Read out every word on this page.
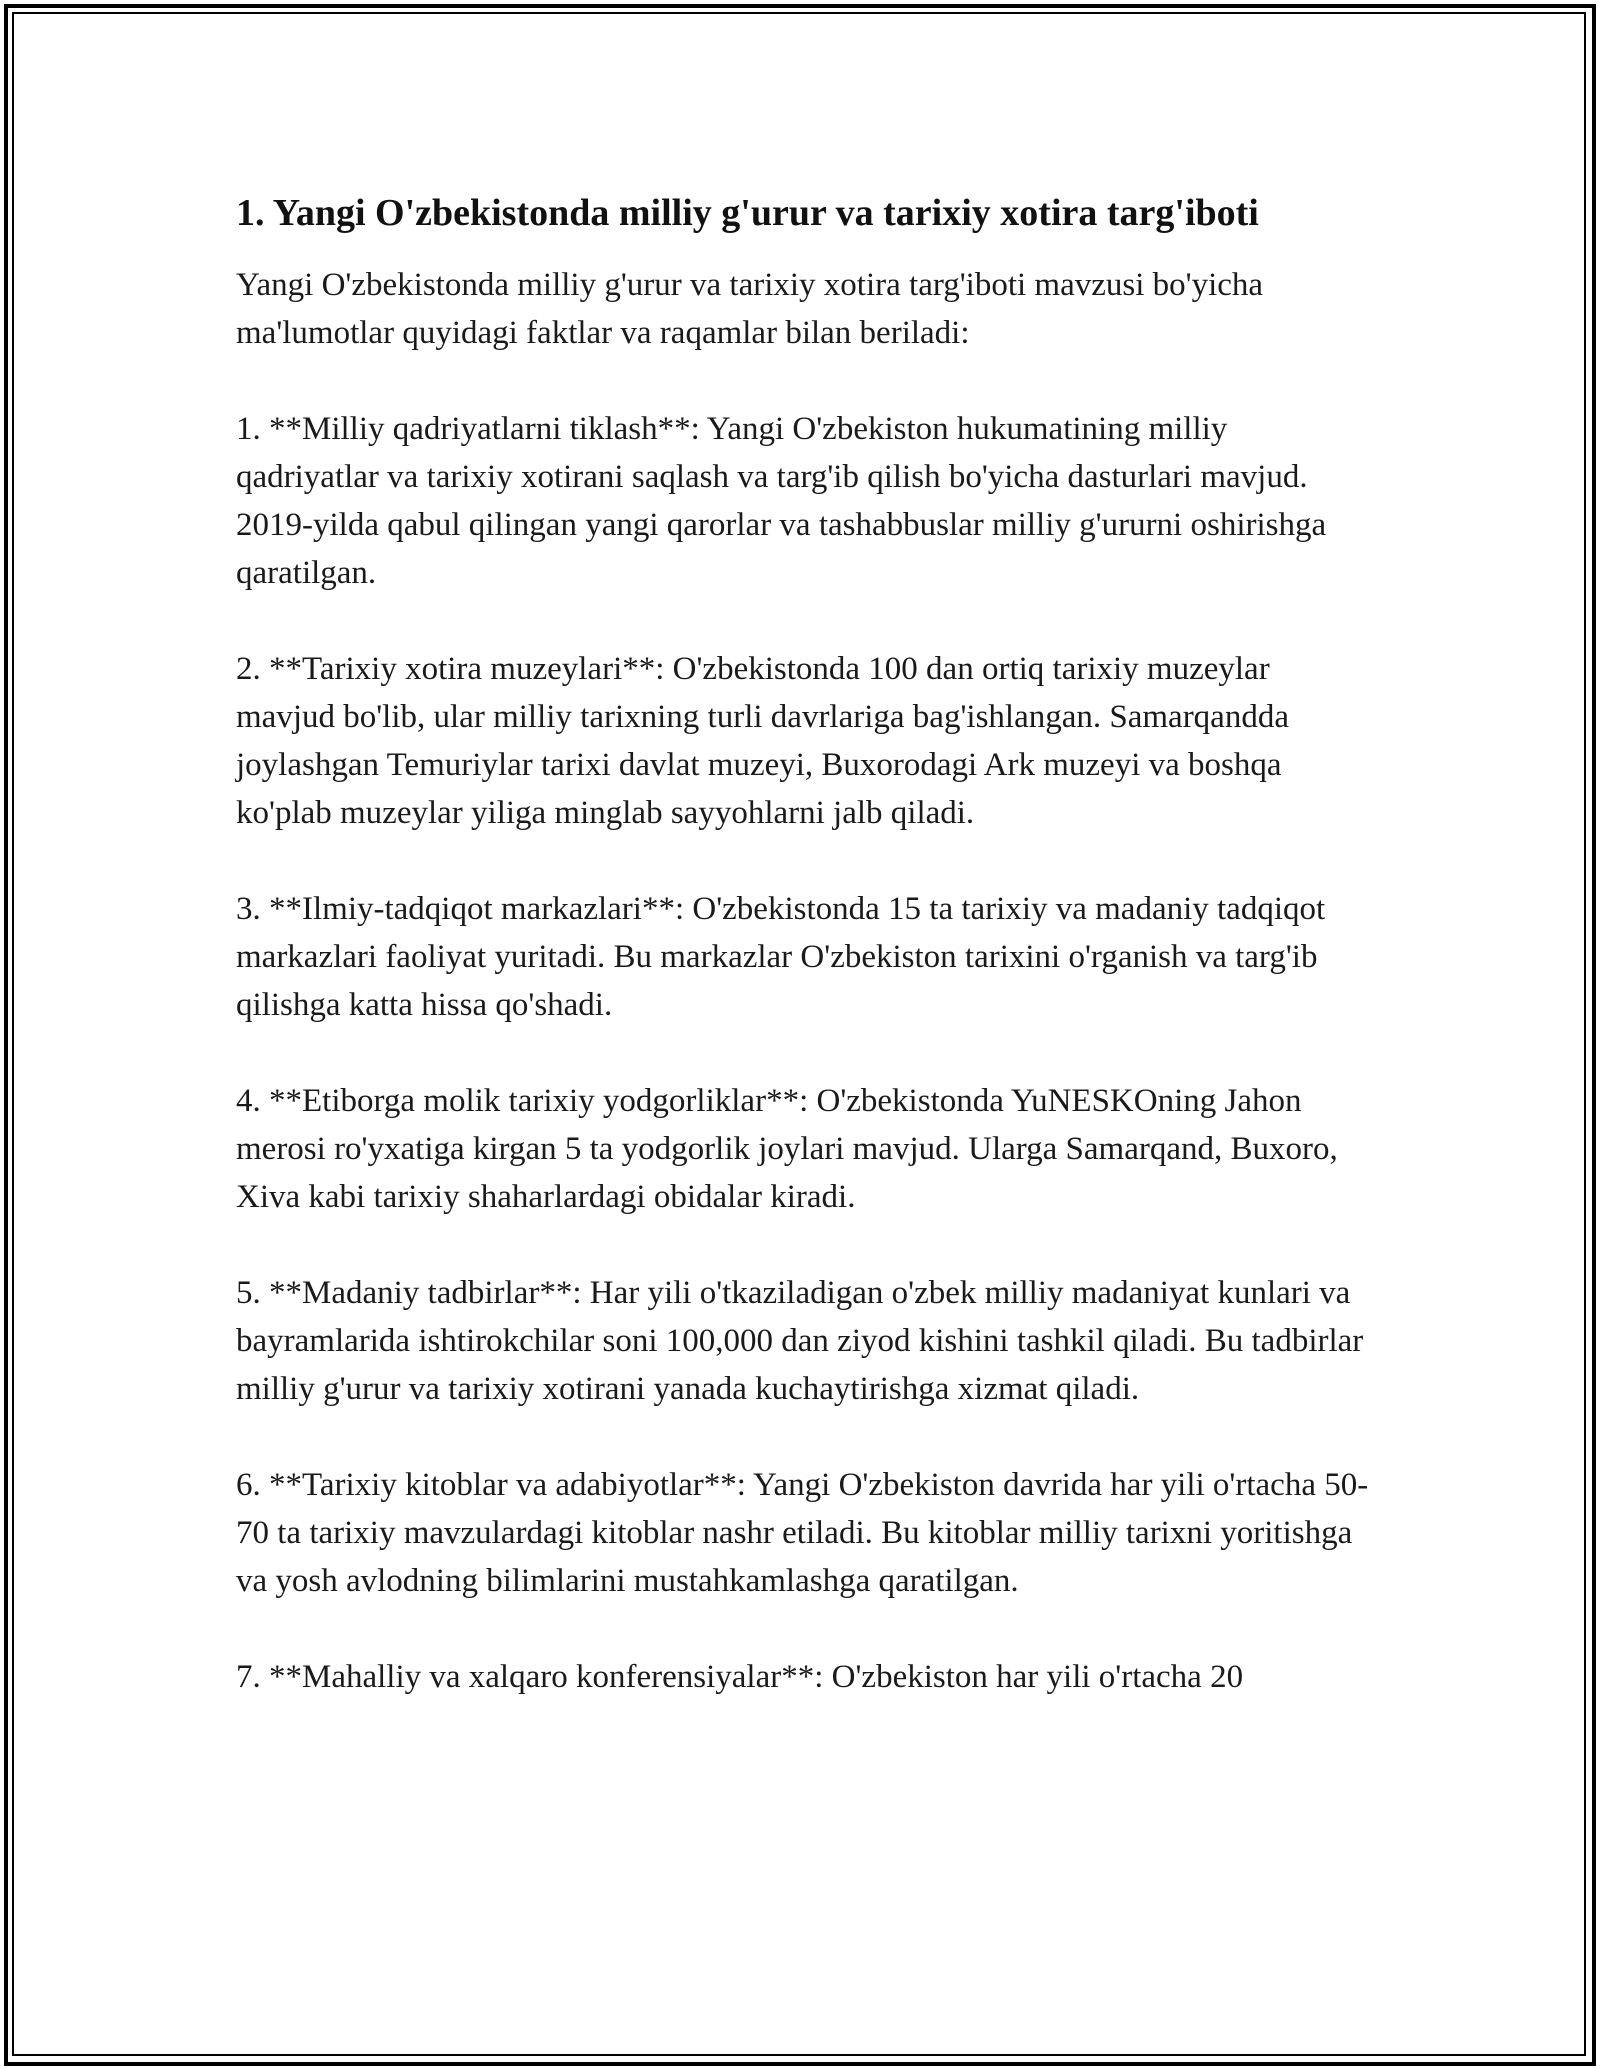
1. Yangi O'zbekistonda milliy g'urur va tarixiy xotira targ'iboti

Yangi O'zbekistonda milliy g'urur va tarixiy xotira targ'iboti mavzusi bo'yicha ma'lumotlar quyidagi faktlar va raqamlar bilan beriladi:

1. **Milliy qadriyatlarni tiklash**: Yangi O'zbekiston hukumatining milliy qadriyatlar va tarixiy xotirani saqlash va targ'ib qilish bo'yicha dasturlari mavjud. 2019-yilda qabul qilingan yangi qarorlar va tashabbuslar milliy g'ururni oshirishga qaratilgan.

2. **Tarixiy xotira muzeylari**: O'zbekistonda 100 dan ortiq tarixiy muzeylar mavjud bo'lib, ular milliy tarixning turli davrlariga bag'ishlangan. Samarqandda joylashgan Temuriylar tarixi davlat muzeyi, Buxorodagi Ark muzeyi va boshqa ko'plab muzeylar yiliga minglab sayyohlarni jalb qiladi.

3. **Ilmiy-tadqiqot markazlari**: O'zbekistonda 15 ta tarixiy va madaniy tadqiqot markazlari faoliyat yuritadi. Bu markazlar O'zbekiston tarixini o'rganish va targ'ib qilishga katta hissa qo'shadi.

4. **Etiborga molik tarixiy yodgorliklar**: O'zbekistonda YuNESKOning Jahon merosi ro'yxatiga kirgan 5 ta yodgorlik joylari mavjud. Ularga Samarqand, Buxoro, Xiva kabi tarixiy shaharlardagi obidalar kiradi.

5. **Madaniy tadbirlar**: Har yili o'tkaziladigan o'zbek milliy madaniyat kunlari va bayramlarida ishtirokchilar soni 100,000 dan ziyod kishini tashkil qiladi. Bu tadbirlar milliy g'urur va tarixiy xotirani yanada kuchaytirishga xizmat qiladi.

6. **Tarixiy kitoblar va adabiyotlar**: Yangi O'zbekiston davrida har yili o'rtacha 50-70 ta tarixiy mavzulardagi kitoblar nashr etiladi. Bu kitoblar milliy tarixni yoritishga va yosh avlodning bilimlarini mustahkamlashga qaratilgan.

7. **Mahalliy va xalqaro konferensiyalar**: O'zbekiston har yili o'rtacha 20
